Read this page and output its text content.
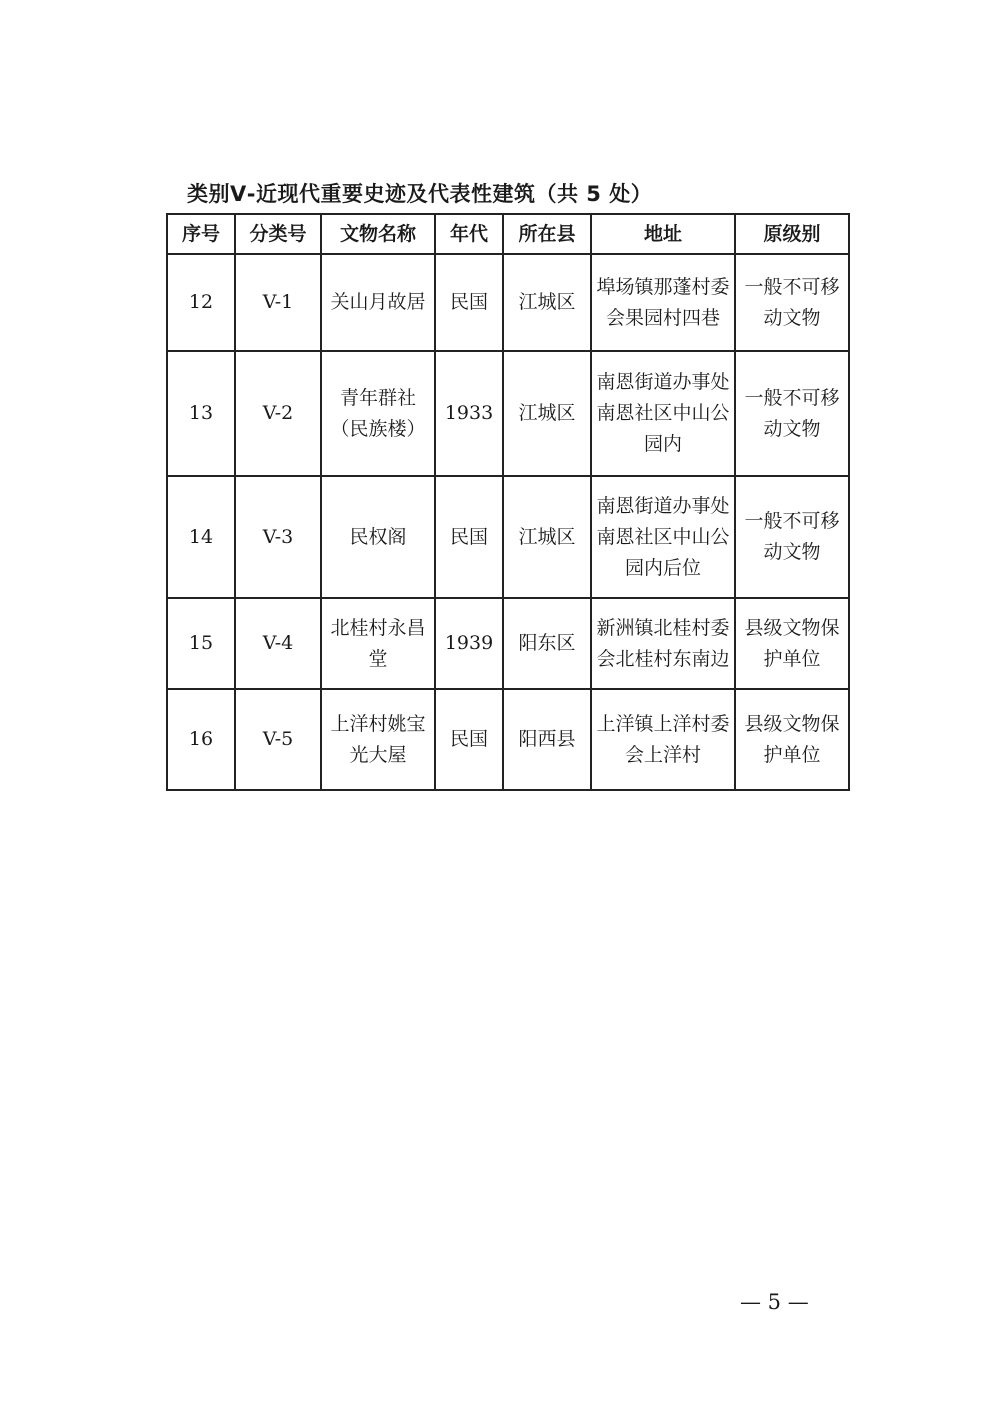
类别Ⅴ-近现代重要史迹及代表性建筑（共 5 处）
序号	分类号	文物名称	年代	所在县	地址	原级别
12	V-1	关山月故居	民国	江城区	埠场镇那蓬村委会果园村四巷	一般不可移动文物
13	V-2	青年群社（民族楼）	1933	江城区	南恩街道办事处南恩社区中山公园内	一般不可移动文物
14	V-3	民权阁	民国	江城区	南恩街道办事处南恩社区中山公园内后位	一般不可移动文物
15	V-4	北桂村永昌堂	1939	阳东区	新洲镇北桂村委会北桂村东南边	县级文物保护单位
16	V-5	上洋村姚宝光大屋	民国	阳西县	上洋镇上洋村委会上洋村	县级文物保护单位
— 5 —
